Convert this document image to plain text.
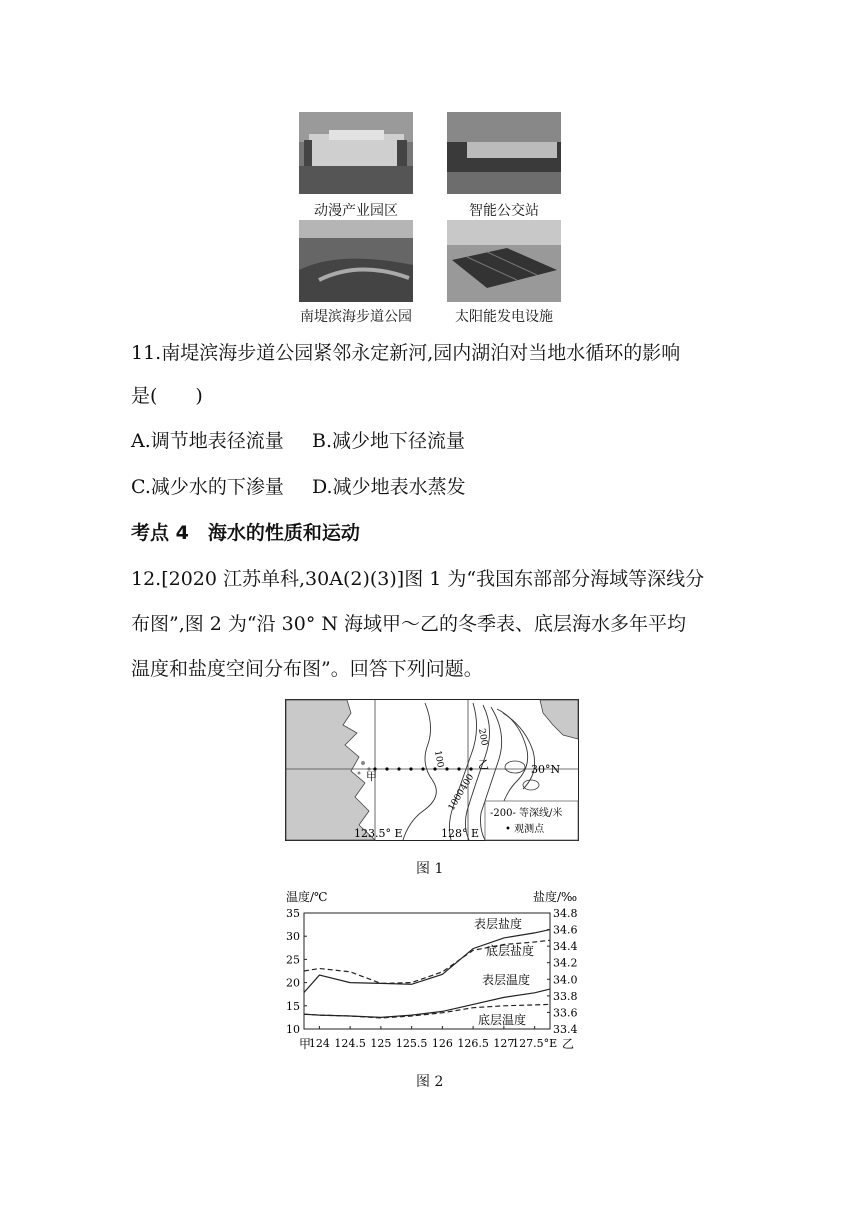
动漫产业园区	智能公交站
南堤滨海步道公园	太阳能发电设施
11.南堤滨海步道公园紧邻永定新河,园内湖泊对当地水循环的影响
是(　　)
A.调节地表径流量 B.减少地下径流量
C.减少水的下渗量 D.减少地表水蒸发
考点 4　海水的性质和运动
12.[2020 江苏单科,30A(2)(3)]图 1 为“我国东部部分海域等深线分
布图”,图 2 为“沿 30° N 海域甲～乙的冬季表、底层海水多年平均
温度和盐度空间分布图”。回答下列问题。
甲
乙
100
200
1000
400
30°N
123.5° E	128° E
-200- 等深线/米
• 观测点
图 1
温度/℃	盐度/‰
10
15
20
25
30
35
33.4
33.6
33.8
34.0
34.2
34.4
34.6
34.8
124 124.5 125 125.5 126 126.5 127
127.5°E
甲	乙
表层盐度
底层盐度
表层温度
底层温度
图 2
